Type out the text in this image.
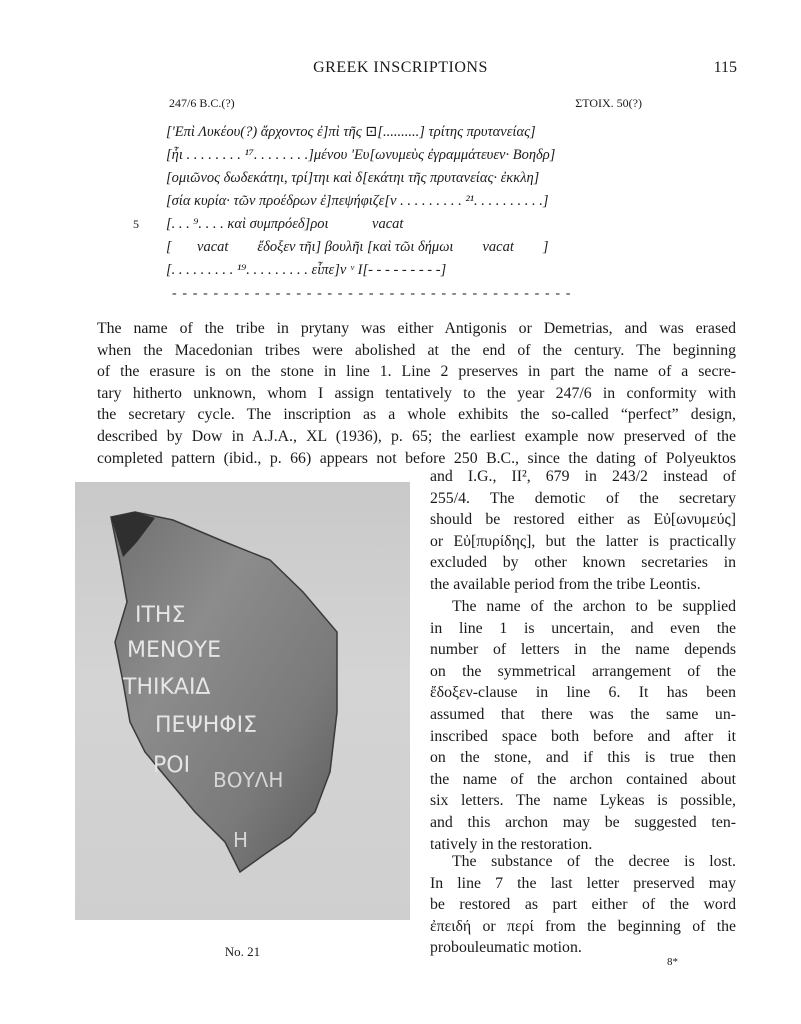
GREEK INSCRIPTIONS	115
247/6 B.C.(?)	ΣΤΟΙΧ. 50(?)
['Επὶ Λυκέου(?) ἄρχοντος ἐ]πὶ τῆς ⊡[..........] τρίτης πρυτανείας]
[ἧι . . . . . . . . ¹⁷. . . . . . . .]μένου 'Ευ[ωνυμεὺς ἐγραμμάτευεν· Βοηδρ]
[ομιῶνος δωδεκάτηι, τρί]τηι καὶ δ[εκάτηι τῆς πρυτανείας· ἐκκλη]
[σία κυρία· τῶν προέδρων ἐ]πεψήφιζε[ν . . . . . . . . . ²¹. . . . . . . . . .]
5 [. . . ⁹. . . . καὶ συμπρόεδ]ροι            vacat
[       vacat        ἔδοξεν τῆι] βουλῆι [καὶ τῶι δήμωι        vacat        ]
[. . . . . . . . . ¹⁹. . . . . . . . . εἶπε]ν ᵛ Ι[- - - - - - - - -]
- - - - - - - - - - - - - - - - - - - - - - - - - - - - - - - - - - - - - - -
The name of the tribe in prytany was either Antigonis or Demetrias, and was erased
when the Macedonian tribes were abolished at the end of the century. The beginning
of the erasure is on the stone in line 1. Line 2 preserves in part the name of a secre-
tary hitherto unknown, whom I assign tentatively to the year 247/6 in conformity with
the secretary cycle. The inscription as a whole exhibits the so-called “perfect” design,
described by Dow in A.J.A., XL (1936), p. 65; the earliest example now preserved of the
completed pattern (ibid., p. 66) appears not before 250 B.C., since the dating of Polyeuktos
and I.G., II², 679 in 243/2 instead of
255/4. The demotic of the secretary
should be restored either as Εὐ[ωνυμεύς]
or Εὐ[πυρίδης], but the latter is practically
excluded by other known secretaries in
the available period from the tribe Leontis.
The name of the archon to be supplied
in line 1 is uncertain, and even the
number of letters in the name depends
on the symmetrical arrangement of the
ἔδοξεν-clause in line 6. It has been
assumed that there was the same un-
inscribed space both before and after it
on the stone, and if this is true then
the name of the archon contained about
six letters. The name Lykeas is possible,
and this archon may be suggested ten-
tatively in the restoration.
The substance of the decree is lost.
In line 7 the last letter preserved may
be restored as part either of the word
ἐπειδή or περί from the beginning of the
probouleumatic motion.
ΙΤΗΣ
ΜΕΝΟΥΕ
ΤΗΙΚΑΙΔ
ΠΕΨΗΦΙΣ
ΡΟΙ
ΒΟΥΛΗ
Η
No. 21
8*
